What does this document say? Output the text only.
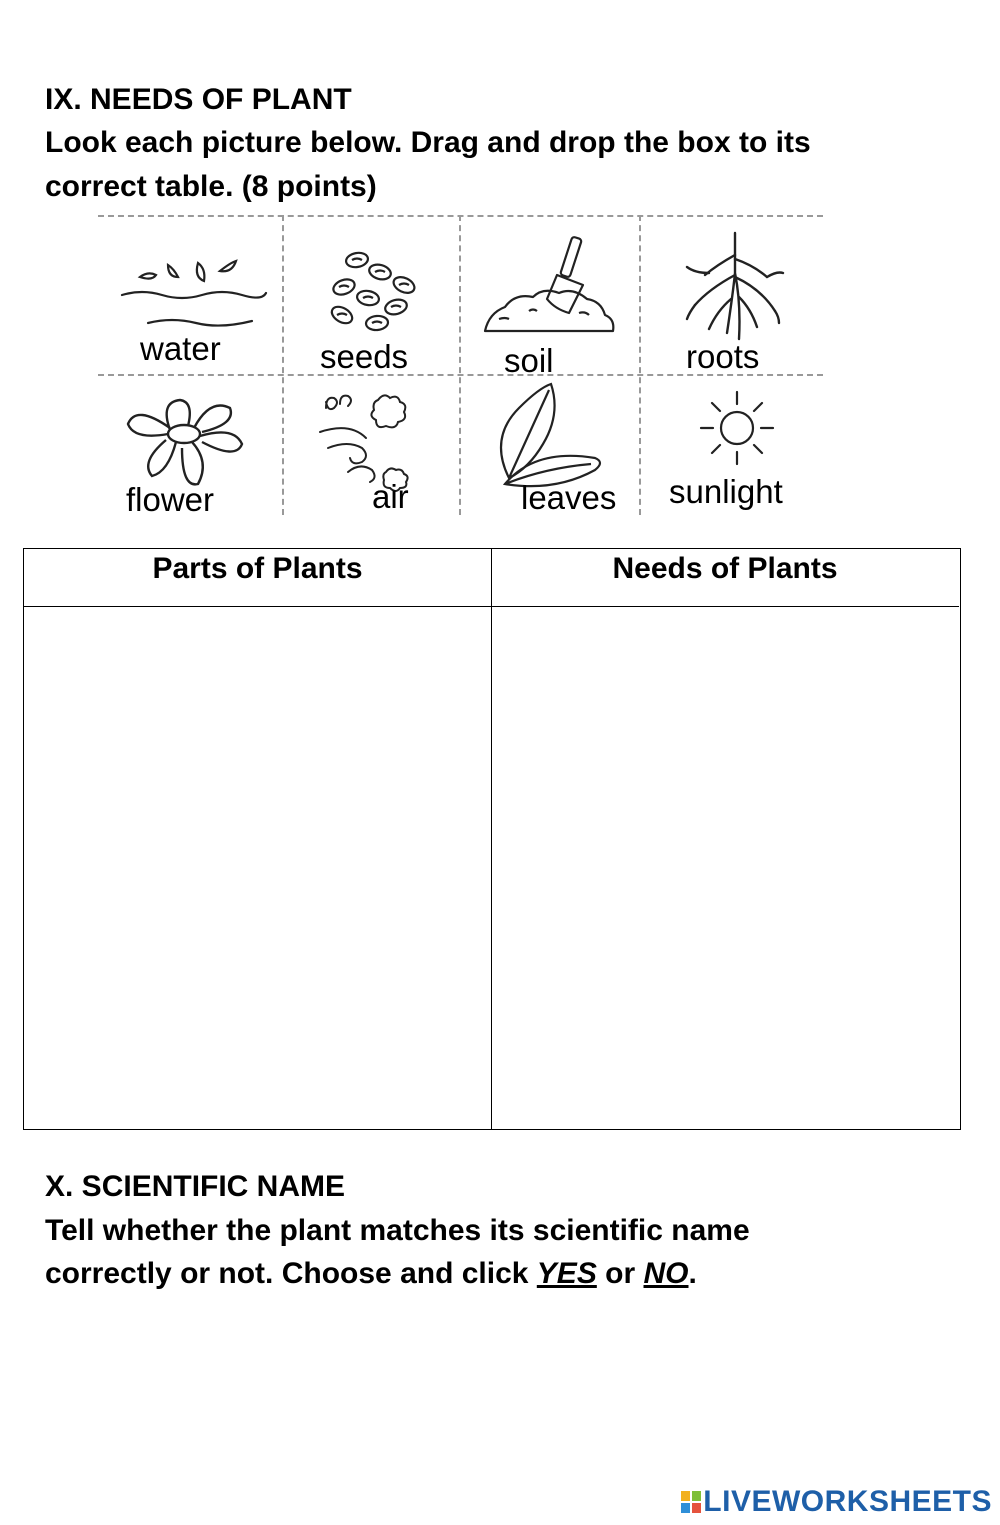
IX. NEEDS OF PLANT

Look each picture below. Drag and drop the box to its

correct table. (8 points)

water	seeds	soil	roots
flower	air	leaves sunlight
Parts of Plants	Needs of Plants

X. SCIENTIFIC NAME

Tell whether the plant matches its scientific name

correctly or not. Choose and click YES or NO.

LIVEWORKSHEETS
